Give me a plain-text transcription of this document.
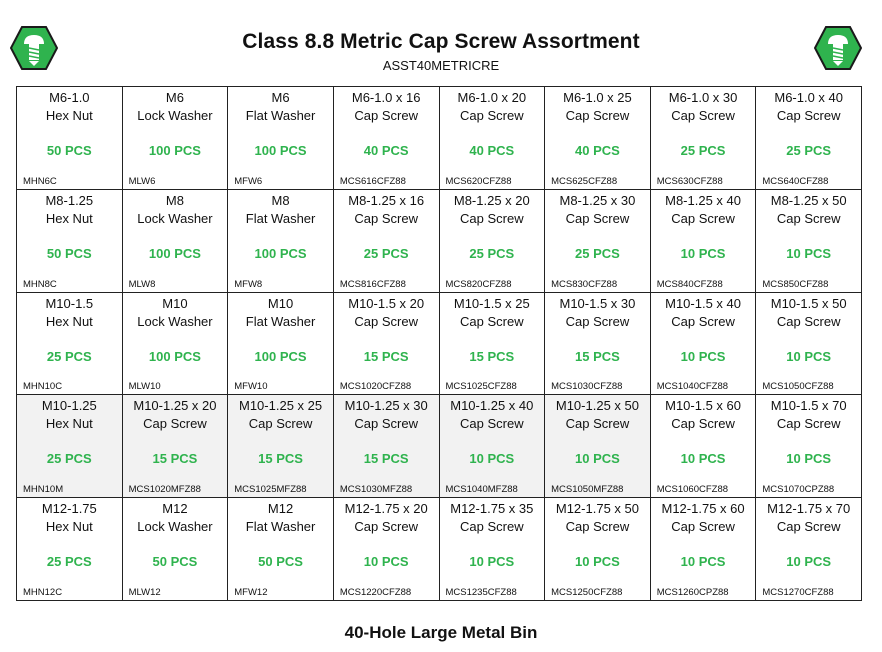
Class 8.8 Metric Cap Screw Assortment
ASST40METRICRE
M6-1.0
Hex Nut
50 PCS
MHN6C
M6
Lock Washer
100 PCS
MLW6
M6
Flat Washer
100 PCS
MFW6
M6-1.0 x 16
Cap Screw
40 PCS
MCS616CFZ88
M6-1.0 x 20
Cap Screw
40 PCS
MCS620CFZ88
M6-1.0 x 25
Cap Screw
40 PCS
MCS625CFZ88
M6-1.0 x 30
Cap Screw
25 PCS
MCS630CFZ88
M6-1.0 x 40
Cap Screw
25 PCS
MCS640CFZ88
M8-1.25
Hex Nut
50 PCS
MHN8C
M8
Lock Washer
100 PCS
MLW8
M8
Flat Washer
100 PCS
MFW8
M8-1.25 x 16
Cap Screw
25 PCS
MCS816CFZ88
M8-1.25 x 20
Cap Screw
25 PCS
MCS820CFZ88
M8-1.25 x 30
Cap Screw
25 PCS
MCS830CFZ88
M8-1.25 x 40
Cap Screw
10 PCS
MCS840CFZ88
M8-1.25 x 50
Cap Screw
10 PCS
MCS850CFZ88
M10-1.5
Hex Nut
25 PCS
MHN10C
M10
Lock Washer
100 PCS
MLW10
M10
Flat Washer
100 PCS
MFW10
M10-1.5 x 20
Cap Screw
15 PCS
MCS1020CFZ88
M10-1.5 x 25
Cap Screw
15 PCS
MCS1025CFZ88
M10-1.5 x 30
Cap Screw
15 PCS
MCS1030CFZ88
M10-1.5 x 40
Cap Screw
10 PCS
MCS1040CFZ88
M10-1.5 x 50
Cap Screw
10 PCS
MCS1050CFZ88
M10-1.25
Hex Nut
25 PCS
MHN10M
M10-1.25 x 20
Cap Screw
15 PCS
MCS1020MFZ88
M10-1.25 x 25
Cap Screw
15 PCS
MCS1025MFZ88
M10-1.25 x 30
Cap Screw
15 PCS
MCS1030MFZ88
M10-1.25 x 40
Cap Screw
10 PCS
MCS1040MFZ88
M10-1.25 x 50
Cap Screw
10 PCS
MCS1050MFZ88
M10-1.5 x 60
Cap Screw
10 PCS
MCS1060CFZ88
M10-1.5 x 70
Cap Screw
10 PCS
MCS1070CPZ88
M12-1.75
Hex Nut
25 PCS
MHN12C
M12
Lock Washer
50 PCS
MLW12
M12
Flat Washer
50 PCS
MFW12
M12-1.75 x 20
Cap Screw
10 PCS
MCS1220CFZ88
M12-1.75 x 35
Cap Screw
10 PCS
MCS1235CFZ88
M12-1.75 x 50
Cap Screw
10 PCS
MCS1250CFZ88
M12-1.75 x 60
Cap Screw
10 PCS
MCS1260CPZ88
M12-1.75 x 70
Cap Screw
10 PCS
MCS1270CFZ88
40-Hole Large Metal Bin
